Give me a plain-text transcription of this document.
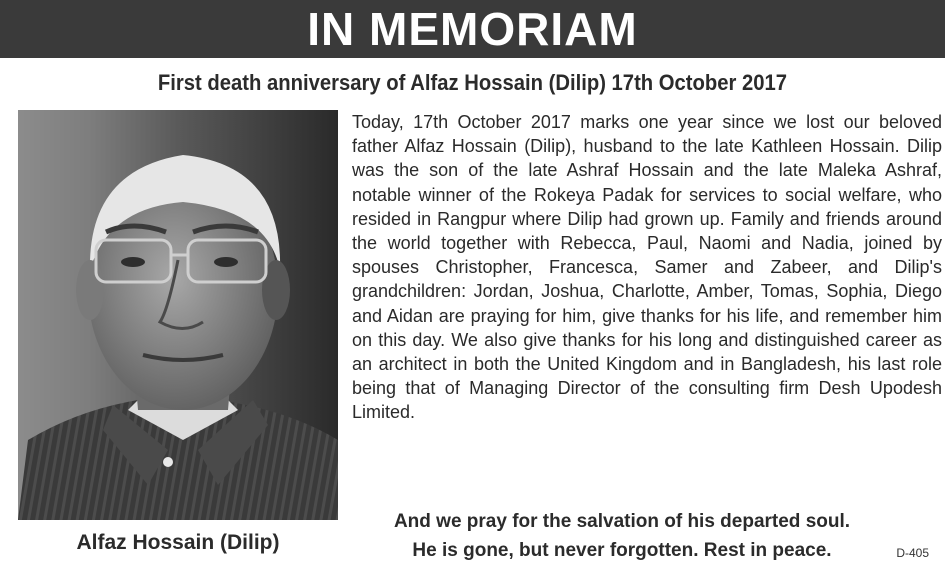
IN MEMORIAM
First death anniversary of Alfaz Hossain (Dilip) 17th October 2017
Today, 17th October 2017 marks one year since we lost our beloved father Alfaz Hossain (Dilip), husband to the late Kathleen Hossain. Dilip was the son of the late Ashraf Hossain and the late Maleka Ashraf, notable winner of the Rokeya Padak for services to social welfare, who resided in Rangpur where Dilip had grown up. Family and friends around the world together with Rebecca, Paul, Naomi and Nadia, joined by spouses Christopher, Francesca, Samer and Zabeer, and Dilip's grandchildren: Jordan, Joshua, Charlotte, Amber, Tomas, Sophia, Diego and Aidan are praying for him, give thanks for his life, and remember him on this day. We also give thanks for his long and distinguished career as an architect in both the United Kingdom and in Bangladesh, his last role being that of Managing Director of the consulting firm Desh Upodesh Limited.
Alfaz Hossain (Dilip)
And we pray for the salvation of his departed soul.
He is gone, but never forgotten. Rest in peace.	D-405
